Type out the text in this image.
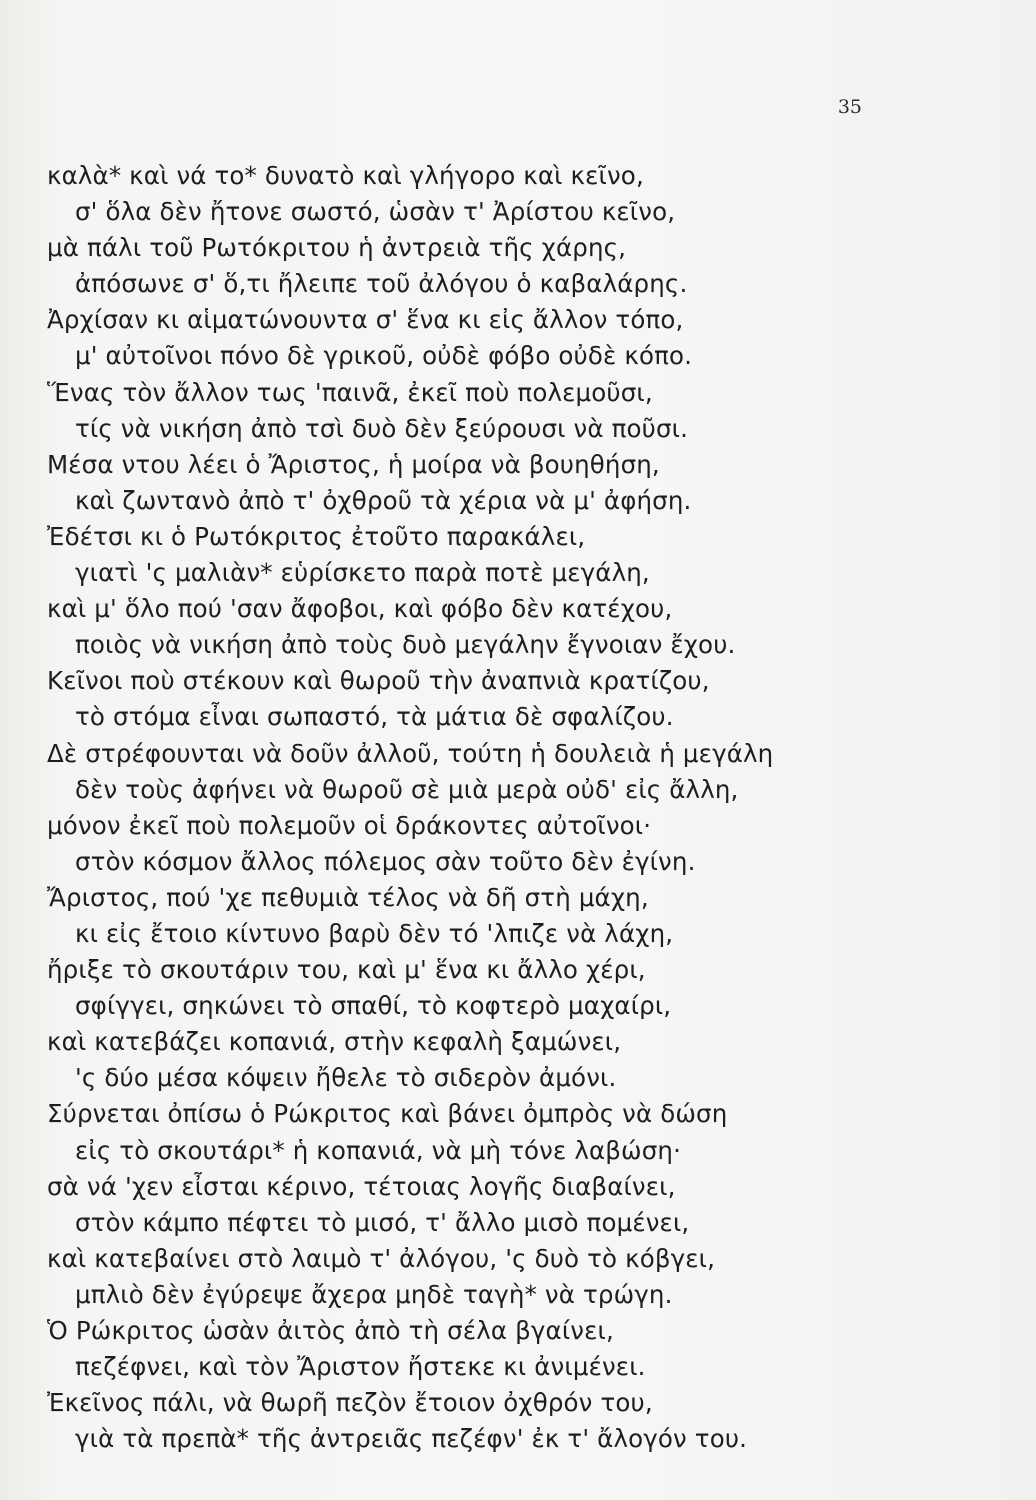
35
καλὰ* καὶ νά το* δυνατὸ καὶ γλήγορο καὶ κεῖνο,
σ' ὅλα δὲν ἤτονε σωστό, ὡσὰν τ' Ἀρίστου κεῖνο,
μὰ πάλι τοῦ Ρωτόκριτου ἡ ἀντρειὰ τῆς χάρης,
ἀπόσωνε σ' ὅ,τι ἤλειπε τοῦ ἀλόγου ὁ καβαλάρης.
Ἀρχίσαν κι αἱματώνουντα σ' ἕνα κι εἰς ἄλλον τόπο,
μ' αὐτοῖνοι πόνο δὲ γρικοῦ, οὐδὲ φόβο οὐδὲ κόπο.
Ἕνας τὸν ἄλλον τως 'παινᾶ, ἐκεῖ ποὺ πολεμοῦσι,
τίς νὰ νικήση ἀπὸ τσὶ δυὸ δὲν ξεύρουσι νὰ ποῦσι.
Μέσα ντου λέει ὁ Ἄριστος, ἡ μοίρα νὰ βουηθήση,
καὶ ζωντανὸ ἀπὸ τ' ὀχθροῦ τὰ χέρια νὰ μ' ἀφήση.
Ἐδέτσι κι ὁ Ρωτόκριτος ἐτοῦτο παρακάλει,
γιατὶ 'ς μαλιὰν* εὑρίσκετο παρὰ ποτὲ μεγάλη,
καὶ μ' ὅλο πού 'σαν ἄφοβοι, καὶ φόβο δὲν κατέχου,
ποιὸς νὰ νικήση ἀπὸ τοὺς δυὸ μεγάλην ἔγνοιαν ἔχου.
Κεῖνοι ποὺ στέκουν καὶ θωροῦ τὴν ἀναπνιὰ κρατίζου,
τὸ στόμα εἶναι σωπαστό, τὰ μάτια δὲ σφαλίζου.
Δὲ στρέφουνται νὰ δοῦν ἀλλοῦ, τούτη ἡ δουλειὰ ἡ μεγάλη
δὲν τοὺς ἀφήνει νὰ θωροῦ σὲ μιὰ μερὰ οὐδ' εἰς ἄλλη,
μόνον ἐκεῖ ποὺ πολεμοῦν οἱ δράκοντες αὐτοῖνοι·
στὸν κόσμον ἄλλος πόλεμος σὰν τοῦτο δὲν ἐγίνη.
Ἄριστος, πού 'χε πεθυμιὰ τέλος νὰ δῆ στὴ μάχη,
κι εἰς ἔτοιο κίντυνο βαρὺ δὲν τό 'λπιζε νὰ λάχη,
ἤριξε τὸ σκουτάριν του, καὶ μ' ἕνα κι ἄλλο χέρι,
σφίγγει, σηκώνει τὸ σπαθί, τὸ κοφτερὸ μαχαίρι,
καὶ κατεβάζει κοπανιά, στὴν κεφαλὴ ξαμώνει,
'ς δύο μέσα κόψειν ἤθελε τὸ σιδερὸν ἀμόνι.
Σύρνεται ὀπίσω ὁ Ρώκριτος καὶ βάνει ὀμπρὸς νὰ δώση
εἰς τὸ σκουτάρι* ἡ κοπανιά, νὰ μὴ τόνε λαβώση·
σὰ νά 'χεν εἶσται κέρινο, τέτοιας λογῆς διαβαίνει,
στὸν κάμπο πέφτει τὸ μισό, τ' ἄλλο μισὸ πομένει,
καὶ κατεβαίνει στὸ λαιμὸ τ' ἀλόγου, 'ς δυὸ τὸ κόβγει,
μπλιὸ δὲν ἐγύρεψε ἄχερα μηδὲ ταγὴ* νὰ τρώγη.
Ὁ Ρώκριτος ὡσὰν ἀιτὸς ἀπὸ τὴ σέλα βγαίνει,
πεζέφνει, καὶ τὸν Ἄριστον ἤστεκε κι ἀνιμένει.
Ἐκεῖνος πάλι, νὰ θωρῆ πεζὸν ἔτοιον ὀχθρόν του,
γιὰ τὰ πρεπὰ* τῆς ἀντρειᾶς πεζέφν' ἐκ τ' ἄλογόν του.
